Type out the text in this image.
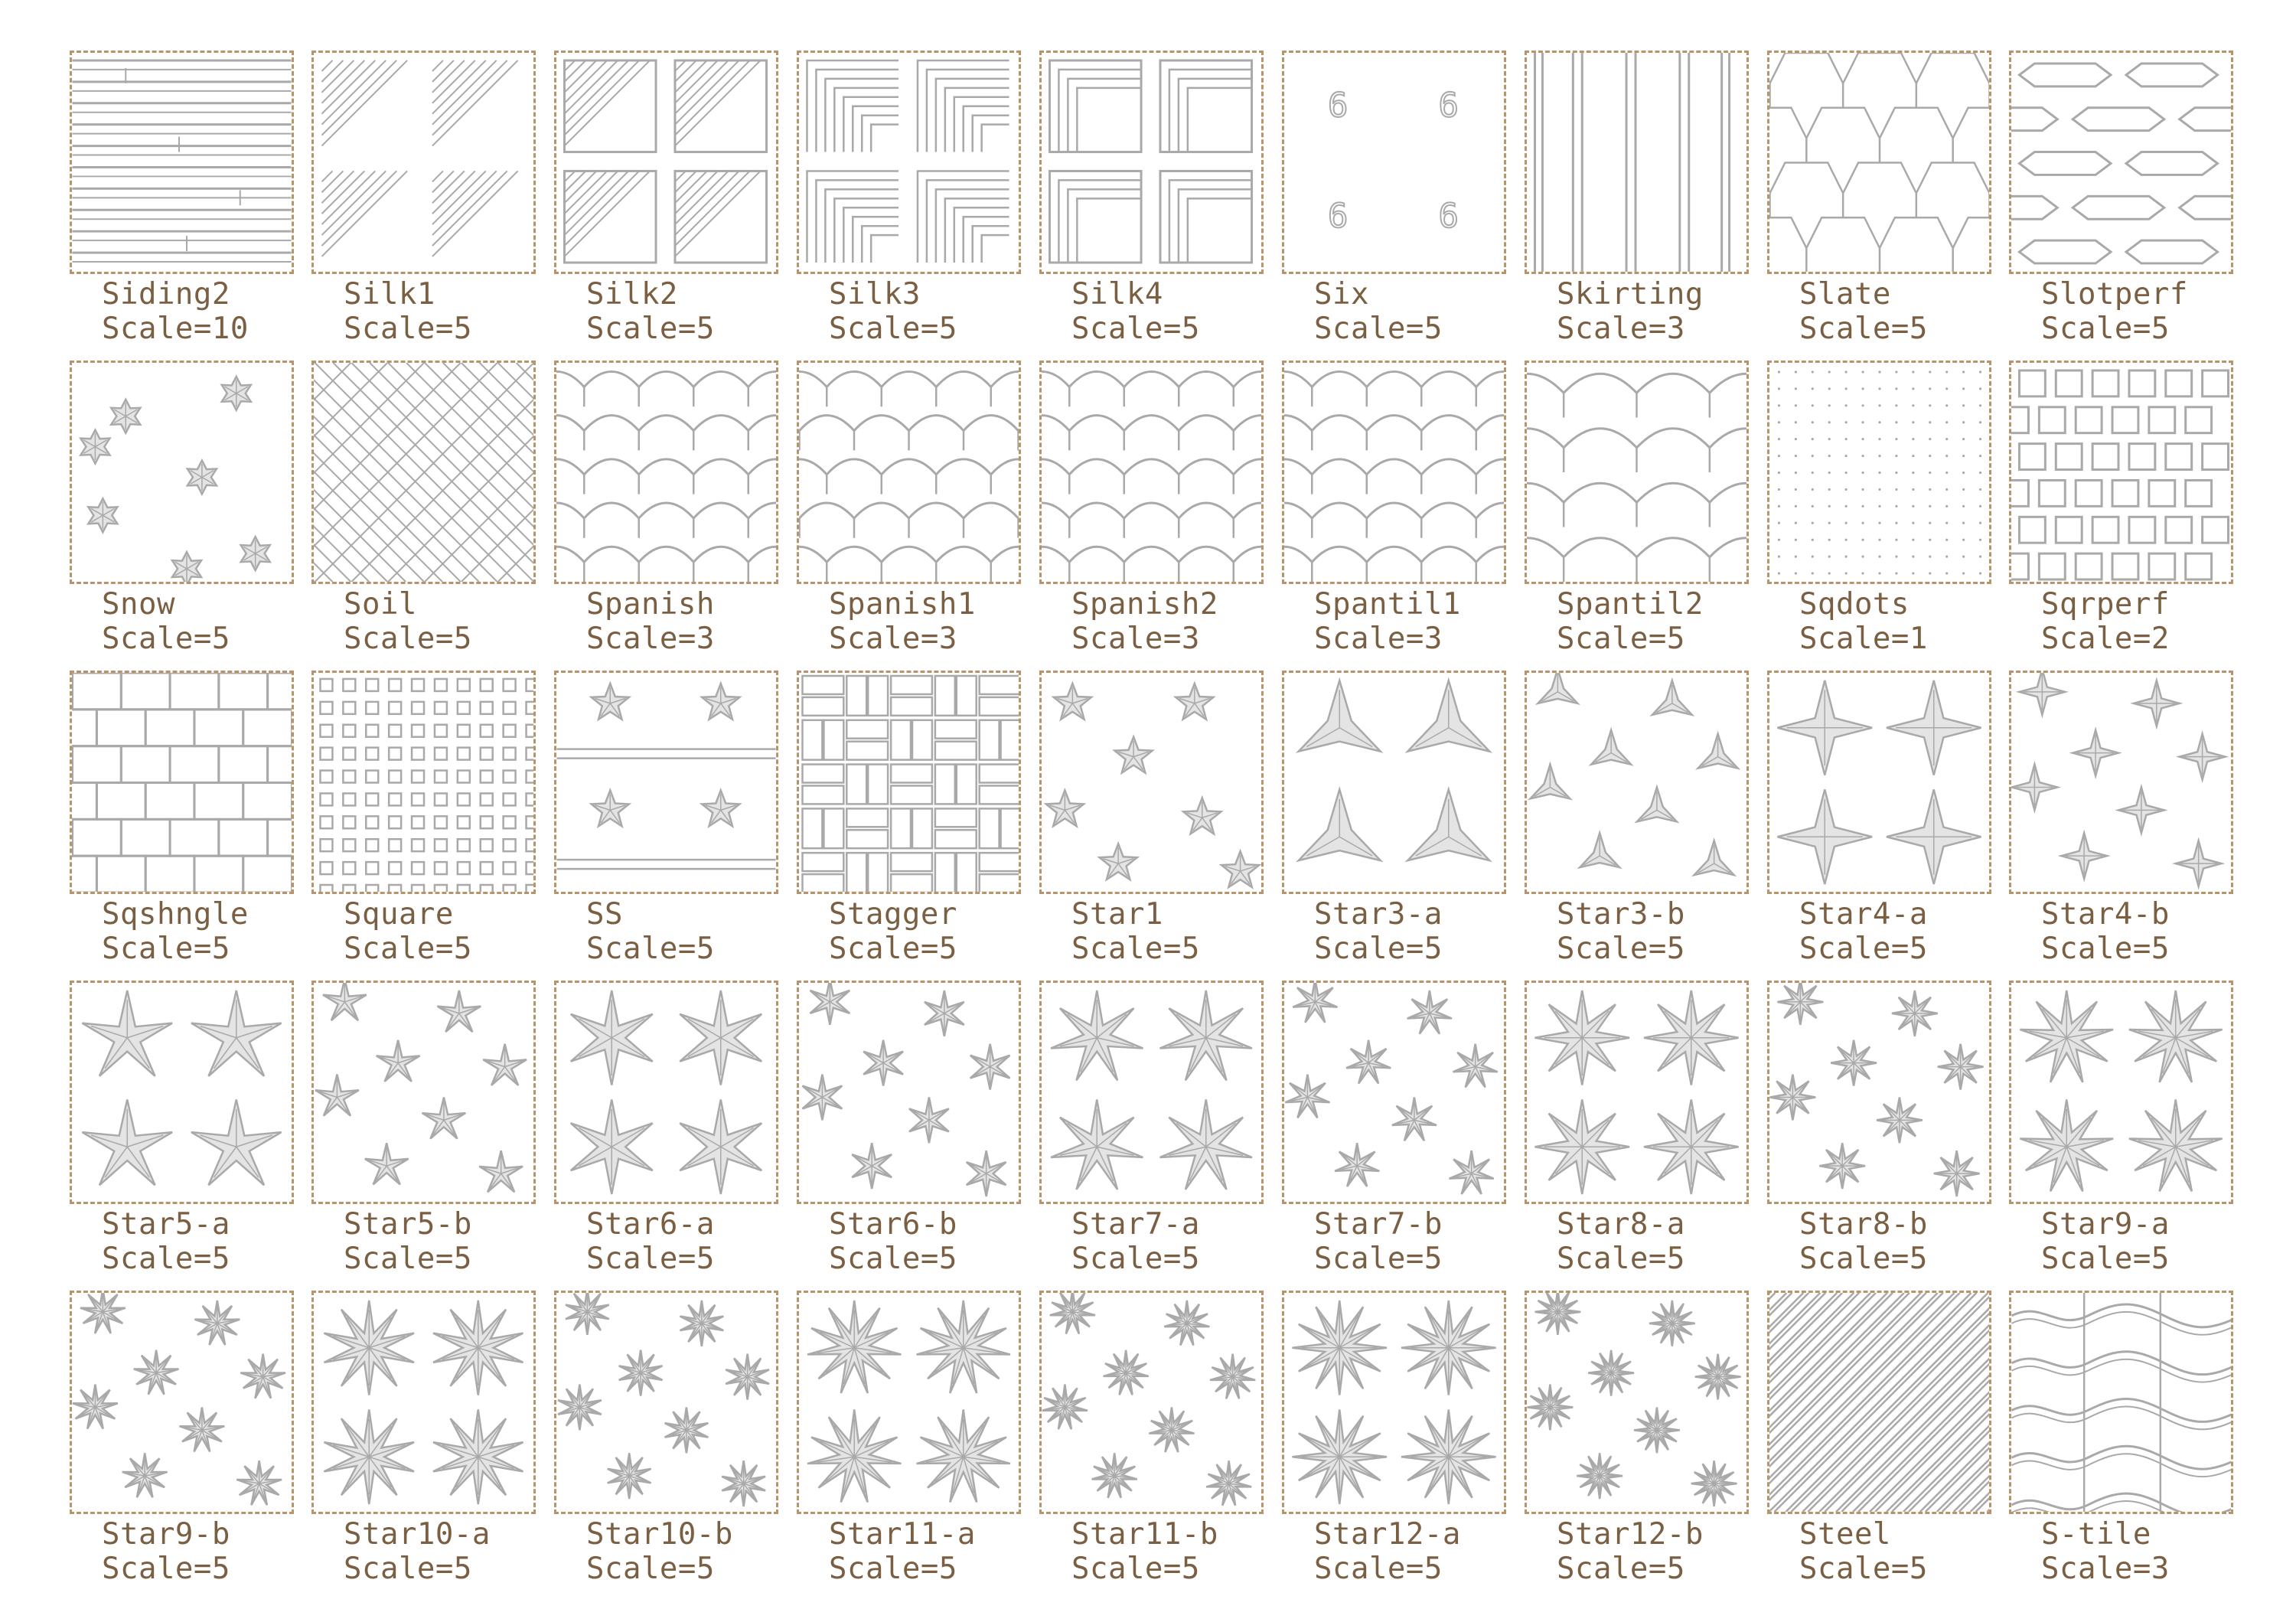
Siding2
Scale=10
Silk1
Scale=5
Silk2
Scale=5
Silk3
Scale=5
Silk4
Scale=5
6	6
6	6
Six
Scale=5
Skirting
Scale=3
Slate
Scale=5
Slotperf
Scale=5
Snow
Scale=5
Soil
Scale=5
Spanish
Scale=3
Spanish1
Scale=3
Spanish2
Scale=3
Spantil1
Scale=3
Spantil2
Scale=5
Sqdots
Scale=1
Sqrperf
Scale=2
Sqshngle
Scale=5
Square
Scale=5
SS
Scale=5
Stagger
Scale=5
Star1
Scale=5
Star3-a
Scale=5
Star3-b
Scale=5
Star4-a
Scale=5
Star4-b
Scale=5
Star5-a
Scale=5
Star5-b
Scale=5
Star6-a
Scale=5
Star6-b
Scale=5
Star7-a
Scale=5
Star7-b
Scale=5
Star8-a
Scale=5
Star8-b
Scale=5
Star9-a
Scale=5
Star9-b
Scale=5
Star10-a
Scale=5
Star10-b
Scale=5
Star11-a
Scale=5
Star11-b
Scale=5
Star12-a
Scale=5
Star12-b
Scale=5
Steel
Scale=5
S-tile
Scale=3
